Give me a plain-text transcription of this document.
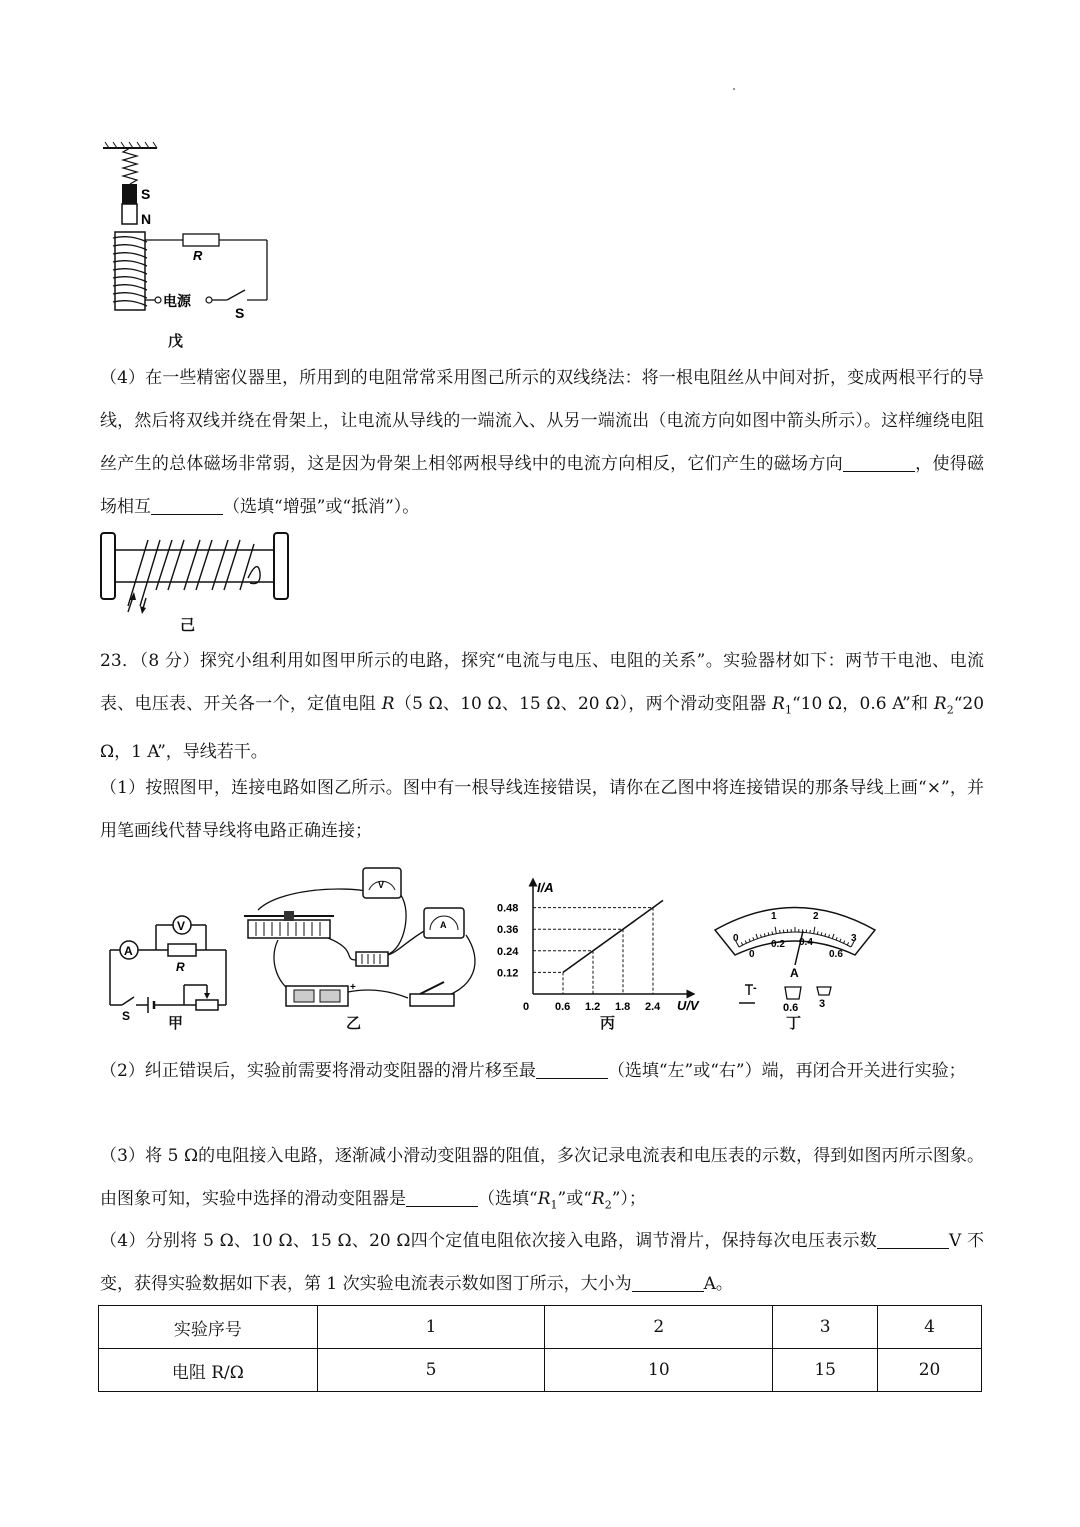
S
N
R
电源
S
戊

（4）在一些精密仪器里，所用到的电阻常常采用图己所示的双线绕法：将一根电阻丝从中间对折，变成两根平行的导线，然后将双线并绕在骨架上，让电流从导线的一端流入、从另一端流出（电流方向如图中箭头所示）。这样缠绕电阻丝产生的总体磁场非常弱，这是因为骨架上相邻两根导线中的电流方向相反，它们产生的磁场方向	，使得磁场相互	（选填“增强”或“抵消”）。

己

23．（8 分）探究小组利用如图甲所示的电路，探究“电流与电压、电阻的关系”。实验器材如下：两节干电池、电流表、电压表、开关各一个，定值电阻 R（5 Ω、10 Ω、15 Ω、20 Ω），两个滑动变阻器 $R_1“10$ Ω，0.6 A”和 $R_2“20$ Ω，1 A”，导线若干。

（1）按照图甲，连接电路如图乙所示。图中有一根导线连接错误，请你在乙图中将连接错误的那条导线上画“×”，并用笔画线代替导线将电路正确连接；

A
R
V
S	甲
V
A
+
乙
0 0.6 1.2 1.8 2.4
0.12
0.24
0.36
0.48
I/A
U/V
丙
0
1	2
3
0
0.2 0.4
0.6
A
-
0.6 3
丁

（2）纠正错误后，实验前需要将滑动变阻器的滑片移至最	（选填“左”或“右”）端，再闭合开关进行实验；

（3）将 5 Ω的电阻接入电路，逐渐减小滑动变阻器的阻值，多次记录电流表和电压表的示数，得到如图丙所示图象。由图象可知，实验中选择的滑动变阻器是	（选填“$R_1$”或“$R_2$”）；

（4）分别将 5 Ω、10 Ω、15 Ω、20 Ω四个定值电阻依次接入电路，调节滑片，保持每次电压表示数	V 不变，获得实验数据如下表，第 1 次实验电流表示数如图丁所示，大小为	A。

实验序号	1	2	3	4
电阻 R/Ω	5	10	15	20
